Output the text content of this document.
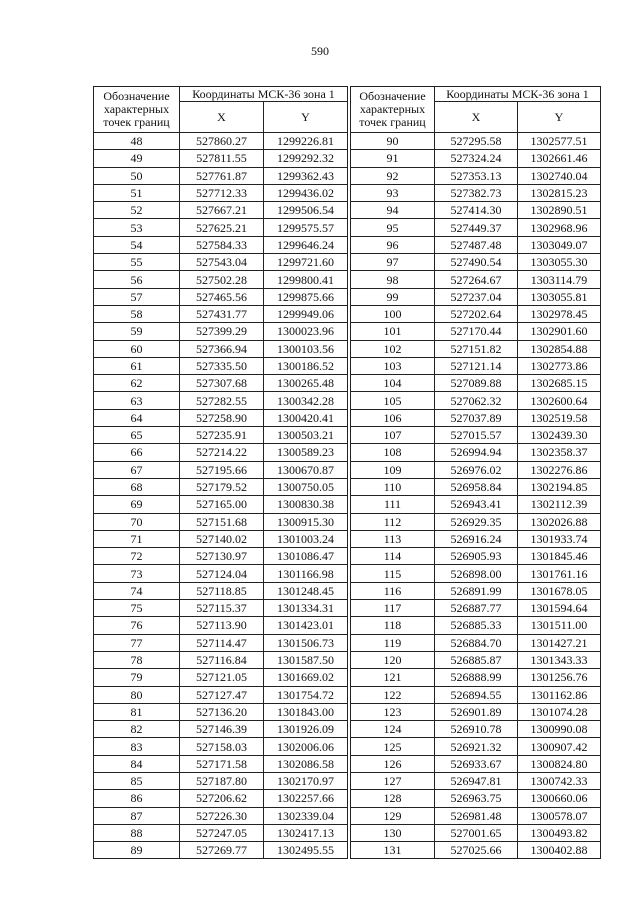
590
Обозначение характерных точек границ	Координаты МСК-36 зона 1	
	X	Y
48	527860.27	1299226.81
49	527811.55	1299292.32
50	527761.87	1299362.43
51	527712.33	1299436.02
52	527667.21	1299506.54
53	527625.21	1299575.57
54	527584.33	1299646.24
55	527543.04	1299721.60
56	527502.28	1299800.41
57	527465.56	1299875.66
58	527431.77	1299949.06
59	527399.29	1300023.96
60	527366.94	1300103.56
61	527335.50	1300186.52
62	527307.68	1300265.48
63	527282.55	1300342.28
64	527258.90	1300420.41
65	527235.91	1300503.21
66	527214.22	1300589.23
67	527195.66	1300670.87
68	527179.52	1300750.05
69	527165.00	1300830.38
70	527151.68	1300915.30
71	527140.02	1301003.24
72	527130.97	1301086.47
73	527124.04	1301166.98
74	527118.85	1301248.45
75	527115.37	1301334.31
76	527113.90	1301423.01
77	527114.47	1301506.73
78	527116.84	1301587.50
79	527121.05	1301669.02
80	527127.47	1301754.72
81	527136.20	1301843.00
82	527146.39	1301926.09
83	527158.03	1302006.06
84	527171.58	1302086.58
85	527187.80	1302170.97
86	527206.62	1302257.66
87	527226.30	1302339.04
88	527247.05	1302417.13
89	527269.77	1302495.55
Обозначение характерных точек границ	Координаты МСК-36 зона 1	
	X	Y
90	527295.58	1302577.51
91	527324.24	1302661.46
92	527353.13	1302740.04
93	527382.73	1302815.23
94	527414.30	1302890.51
95	527449.37	1302968.96
96	527487.48	1303049.07
97	527490.54	1303055.30
98	527264.67	1303114.79
99	527237.04	1303055.81
100	527202.64	1302978.45
101	527170.44	1302901.60
102	527151.82	1302854.88
103	527121.14	1302773.86
104	527089.88	1302685.15
105	527062.32	1302600.64
106	527037.89	1302519.58
107	527015.57	1302439.30
108	526994.94	1302358.37
109	526976.02	1302276.86
110	526958.84	1302194.85
111	526943.41	1302112.39
112	526929.35	1302026.88
113	526916.24	1301933.74
114	526905.93	1301845.46
115	526898.00	1301761.16
116	526891.99	1301678.05
117	526887.77	1301594.64
118	526885.33	1301511.00
119	526884.70	1301427.21
120	526885.87	1301343.33
121	526888.99	1301256.76
122	526894.55	1301162.86
123	526901.89	1301074.28
124	526910.78	1300990.08
125	526921.32	1300907.42
126	526933.67	1300824.80
127	526947.81	1300742.33
128	526963.75	1300660.06
129	526981.48	1300578.07
130	527001.65	1300493.82
131	527025.66	1300402.88
